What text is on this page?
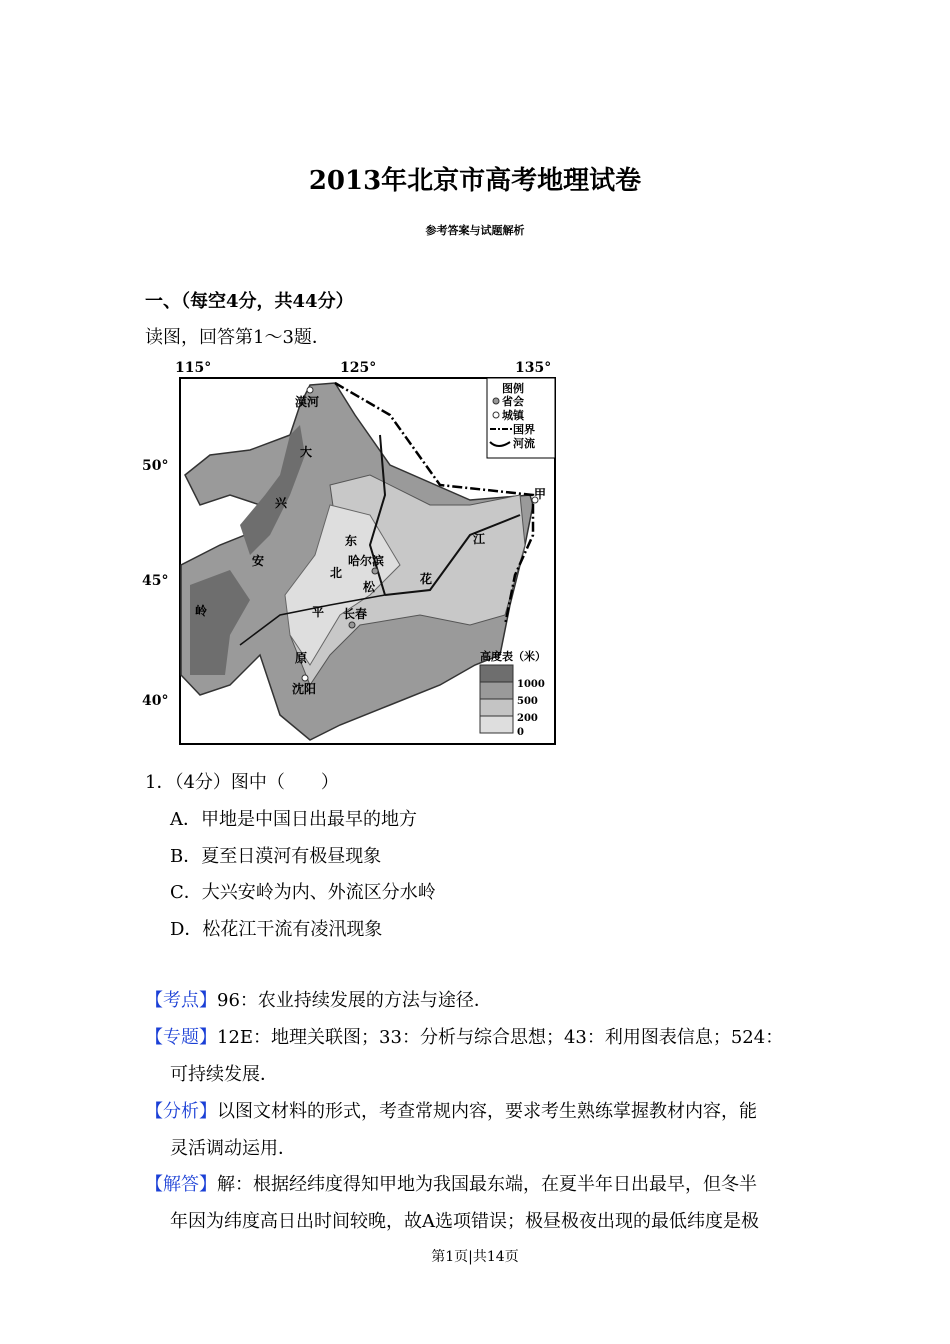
2013年北京市高考地理试卷
参考答案与试题解析
一、（每空4分，共44分）
读图，回答第1～3题．
115°	125°	135°
50°
45°
40°
图例
省会
城镇
国界
河流
高度表（米）
1000
500
200
0
漠河
大
兴
安
岭
东
北
平
原
哈尔滨
长春
沈阳
松
花
江
甲
1．（4分）图中（　　）
A．甲地是中国日出最早的地方
B．夏至日漠河有极昼现象
C．大兴安岭为内、外流区分水岭
D．松花江干流有凌汛现象
【考点】96：农业持续发展的方法与途径．
【专题】12E：地理关联图；33：分析与综合思想；43：利用图表信息；524：
可持续发展．
【分析】以图文材料的形式，考查常规内容，要求考生熟练掌握教材内容，能
灵活调动运用．
【解答】解：根据经纬度得知甲地为我国最东端，在夏半年日出最早，但冬半
年因为纬度高日出时间较晚，故A选项错误；极昼极夜出现的最低纬度是极
第1页|共14页
